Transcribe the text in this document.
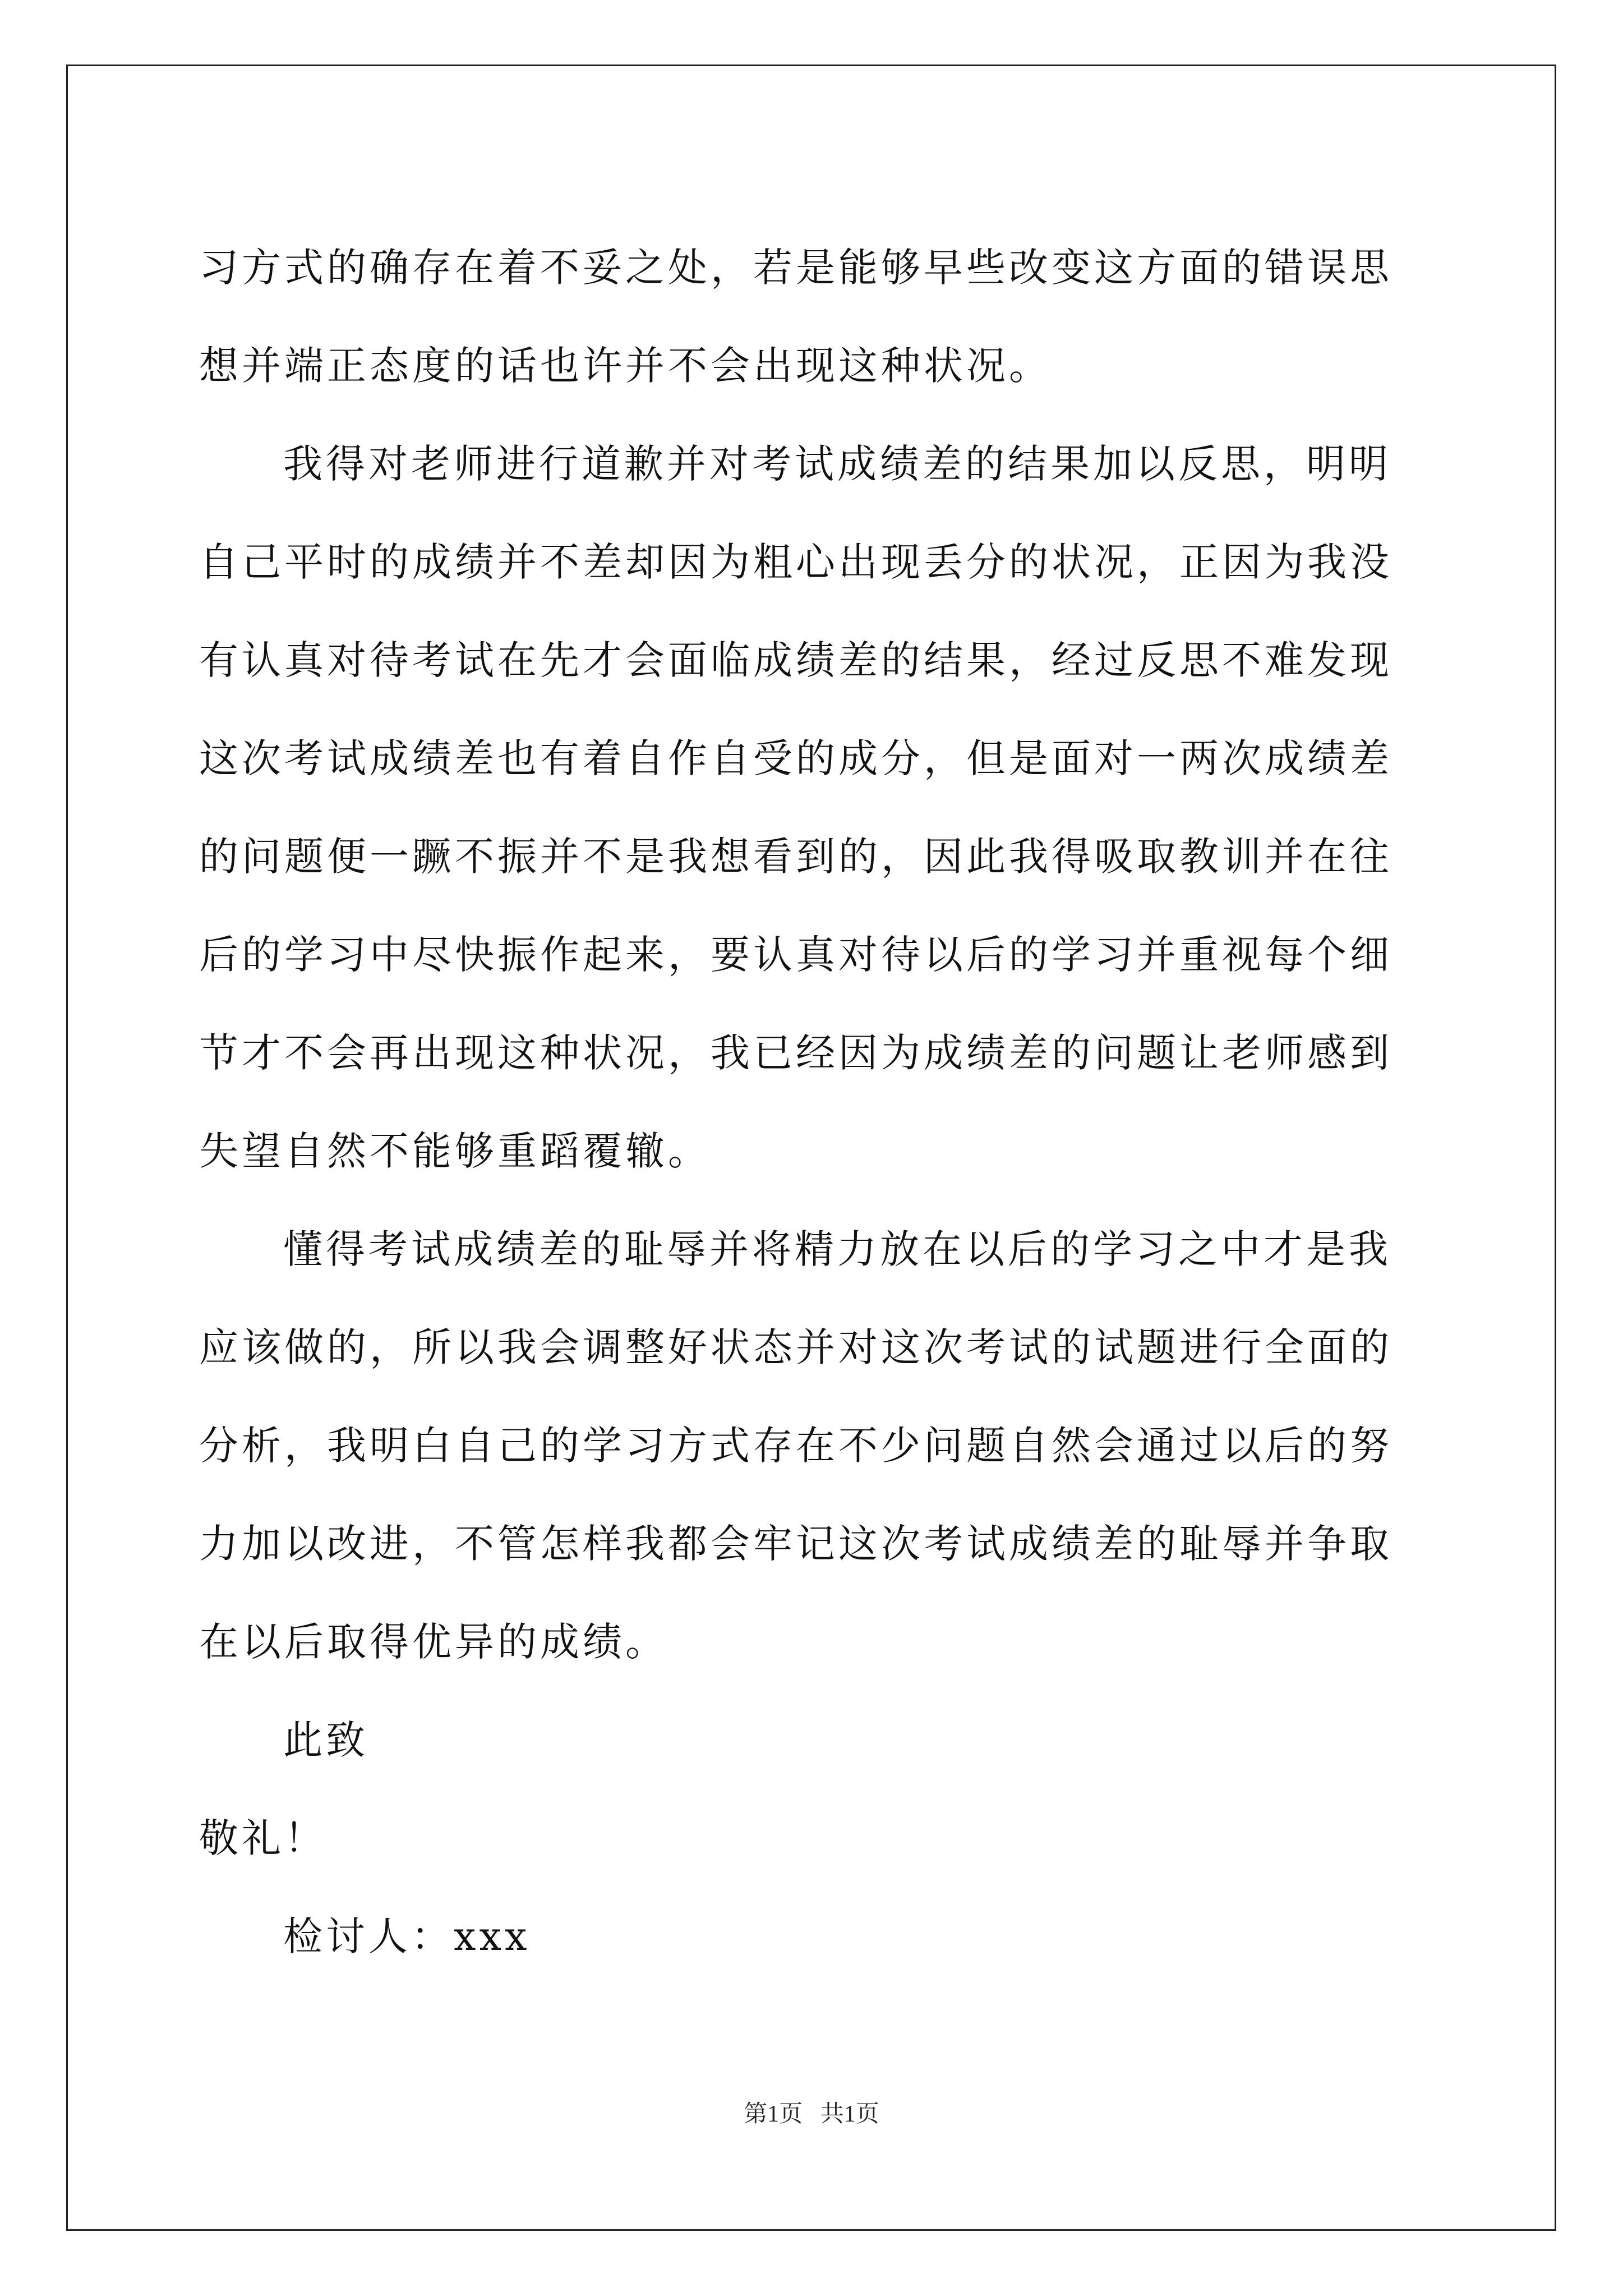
习方式的确存在着不妥之处，若是能够早些改变这方面的错误思想并端正态度的话也许并不会出现这种状况。

我得对老师进行道歉并对考试成绩差的结果加以反思，明明自己平时的成绩并不差却因为粗心出现丢分的状况，正因为我没有认真对待考试在先才会面临成绩差的结果，经过反思不难发现这次考试成绩差也有着自作自受的成分，但是面对一两次成绩差的问题便一蹶不振并不是我想看到的，因此我得吸取教训并在往后的学习中尽快振作起来，要认真对待以后的学习并重视每个细节才不会再出现这种状况，我已经因为成绩差的问题让老师感到失望自然不能够重蹈覆辙。

懂得考试成绩差的耻辱并将精力放在以后的学习之中才是我应该做的，所以我会调整好状态并对这次考试的试题进行全面的分析，我明白自己的学习方式存在不少问题自然会通过以后的努力加以改进，不管怎样我都会牢记这次考试成绩差的耻辱并争取在以后取得优异的成绩。

此致

敬礼！

检讨人：xxx

第1页   共1页
